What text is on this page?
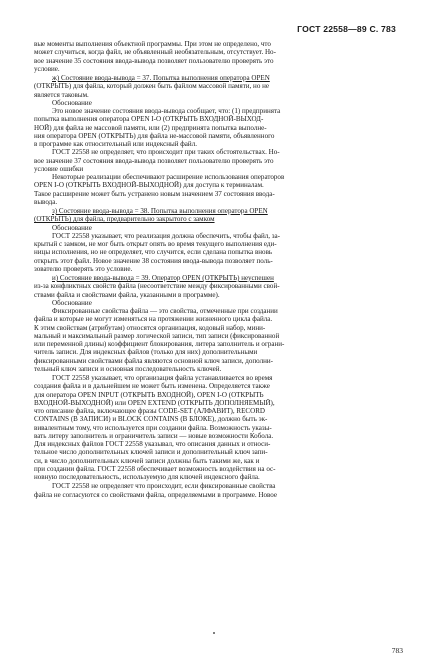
ГОСТ 22558—89 С. 783

вые моменты выполнения объектной программы. При этом не определено, что

может случиться, когда файл, не объявленный необязательным, отсутствует. Но-

вое значение 35 состояния ввода-вывода позволяет пользователю проверять это

условие.

ж) Состояние ввода-вывода = 37. Попытка выполнения оператора OPEN

(ОТКРЫТЬ) для файла, который должен быть файлом массовой памяти, но не

является таковым.

Обоснование

Это новое значение состояния ввода-вывода сообщает, что: (1) предпринята

попытка выполнения оператора OPEN I-O (ОТКРЫТЬ ВХОДНОЙ-ВЫХОД-

НОЙ) для файла не массовой памяти, или (2) предпринята попытка выполне-

ния оператора OPEN (ОТКРЫТЬ) для файла не-массовой памяти, объявленного

в программе как относительный или индексный файл.

ГОСТ 22558 не определяет, что происходит при таких обстоятельствах. Но-

вое значение 37 состояния ввода-вывода позволяет пользователю проверять это

условие ошибки

Некоторые реализации обеспечивают расширение использования операторов

OPEN I-O (ОТКРЫТЬ ВХОДНОЙ-ВЫХОДНОЙ) для доступа к терминалам.

Такое расширение может быть устранено новым значением 37 состояния ввода-

вывода.

з) Состояние ввода-вывода = 38. Попытка выполнения оператора OPEN

(ОТКРЫТЬ) для файла, предварительно закрытого с замком

Обоснование

ГОСТ 22558 указывает, что реализация должна обеспечить, чтобы файл, за-

крытый с замком, не мог быть открыт опять во время текущего выполнения еди-

ницы исполнения, но не определяет, что случится, если сделана попытка вновь

открыть этот файл. Новое значение 38 состояния ввода-вывода позволяет поль-

зователю проверять это условие.

и) Состояние ввода-вывода = 39. Оператор OPEN (ОТКРЫТЬ) неуспешен

из-за конфликтных свойств файла (несоответствие между фиксированными свой-

ствами файла и свойствами файла, указанными в программе).

Обоснование

Фиксированные свойства файла — это свойства, отмеченные при создании

файла и которые не могут изменяться на протяжении жизненного цикла файла.

К этим свойствам (атрибутам) относятся организация, кодовый набор, мини-

мальный и максимальный размер логической записи, тип записи (фиксированной

или переменной длины) коэффициент блокирования, литера заполнитель и ограни-

читель записи. Для индексных файлов (только для них) дополнительными

фиксированными свойствами файла являются основной ключ записи, дополни-

тельный ключ записи и основная последовательность ключей.

ГОСТ 22558 указывает, что организация файла устанавливается во время

создания файла и в дальнейшем не может быть изменена. Определяется также

для оператора OPEN INPUT (ОТКРЫТЬ ВХОДНОЙ), OPEN I-O (ОТКРЫТЬ

ВХОДНОЙ-ВЫХОДНОЙ) или OPEN EXTEND (ОТКРЫТЬ ДОПОЛНЯЕМЫЙ),

что описание файла, включающее фразы CODE-SET (АЛФАВИТ), RECORD

CONTAINS (В ЗАПИСИ) и BLOCK CONTAINS (В БЛОКЕ), должно быть эк-

вивалентным тому, что используется при создании файла. Возможность указы-

вать литеру заполнитель и ограничитель записи — новые возможности Кобола.

Для индексных файлов ГОСТ 22558 указывал, что описания данных и относи-

тельное число дополнительных ключей записи и дополнительный ключ запи-

си, в число дополнительных ключей записи должны быть такими же, как и

при создании файла. ГОСТ 22558 обеспечивает возможность воздействия на ос-

новную последовательность, используемую для ключей индексного файла.

ГОСТ 22558 не определяет что происходит, если фиксированные свойства

файла не согласуются со свойствами файла, определяемыми в программе. Новое

783
